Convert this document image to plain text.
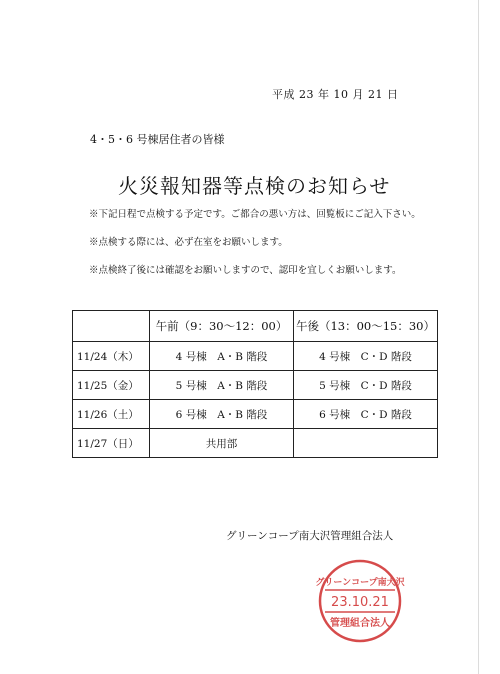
平成 23 年 10 月 21 日
4・5・6 号棟居住者の皆様
火災報知器等点検のお知らせ
※下記日程で点検する予定です。ご都合の悪い方は、回覧板にご記入下さい。
※点検する際には、必ず在室をお願いします。
※点検終了後には確認をお願いしますので、認印を宜しくお願いします。
	午前（9：30～12：00）	午後（13：00～15：30）
11/24（木）	4 号棟　A・B 階段	4 号棟　C・D 階段
11/25（金）	5 号棟　A・B 階段	5 号棟　C・D 階段
11/26（土）	6 号棟　A・B 階段	6 号棟　C・D 階段
11/27（日）	共用部	
グリーンコープ南大沢管理組合法人
グリーンコープ南大沢
23.10.21
管理組合法人
